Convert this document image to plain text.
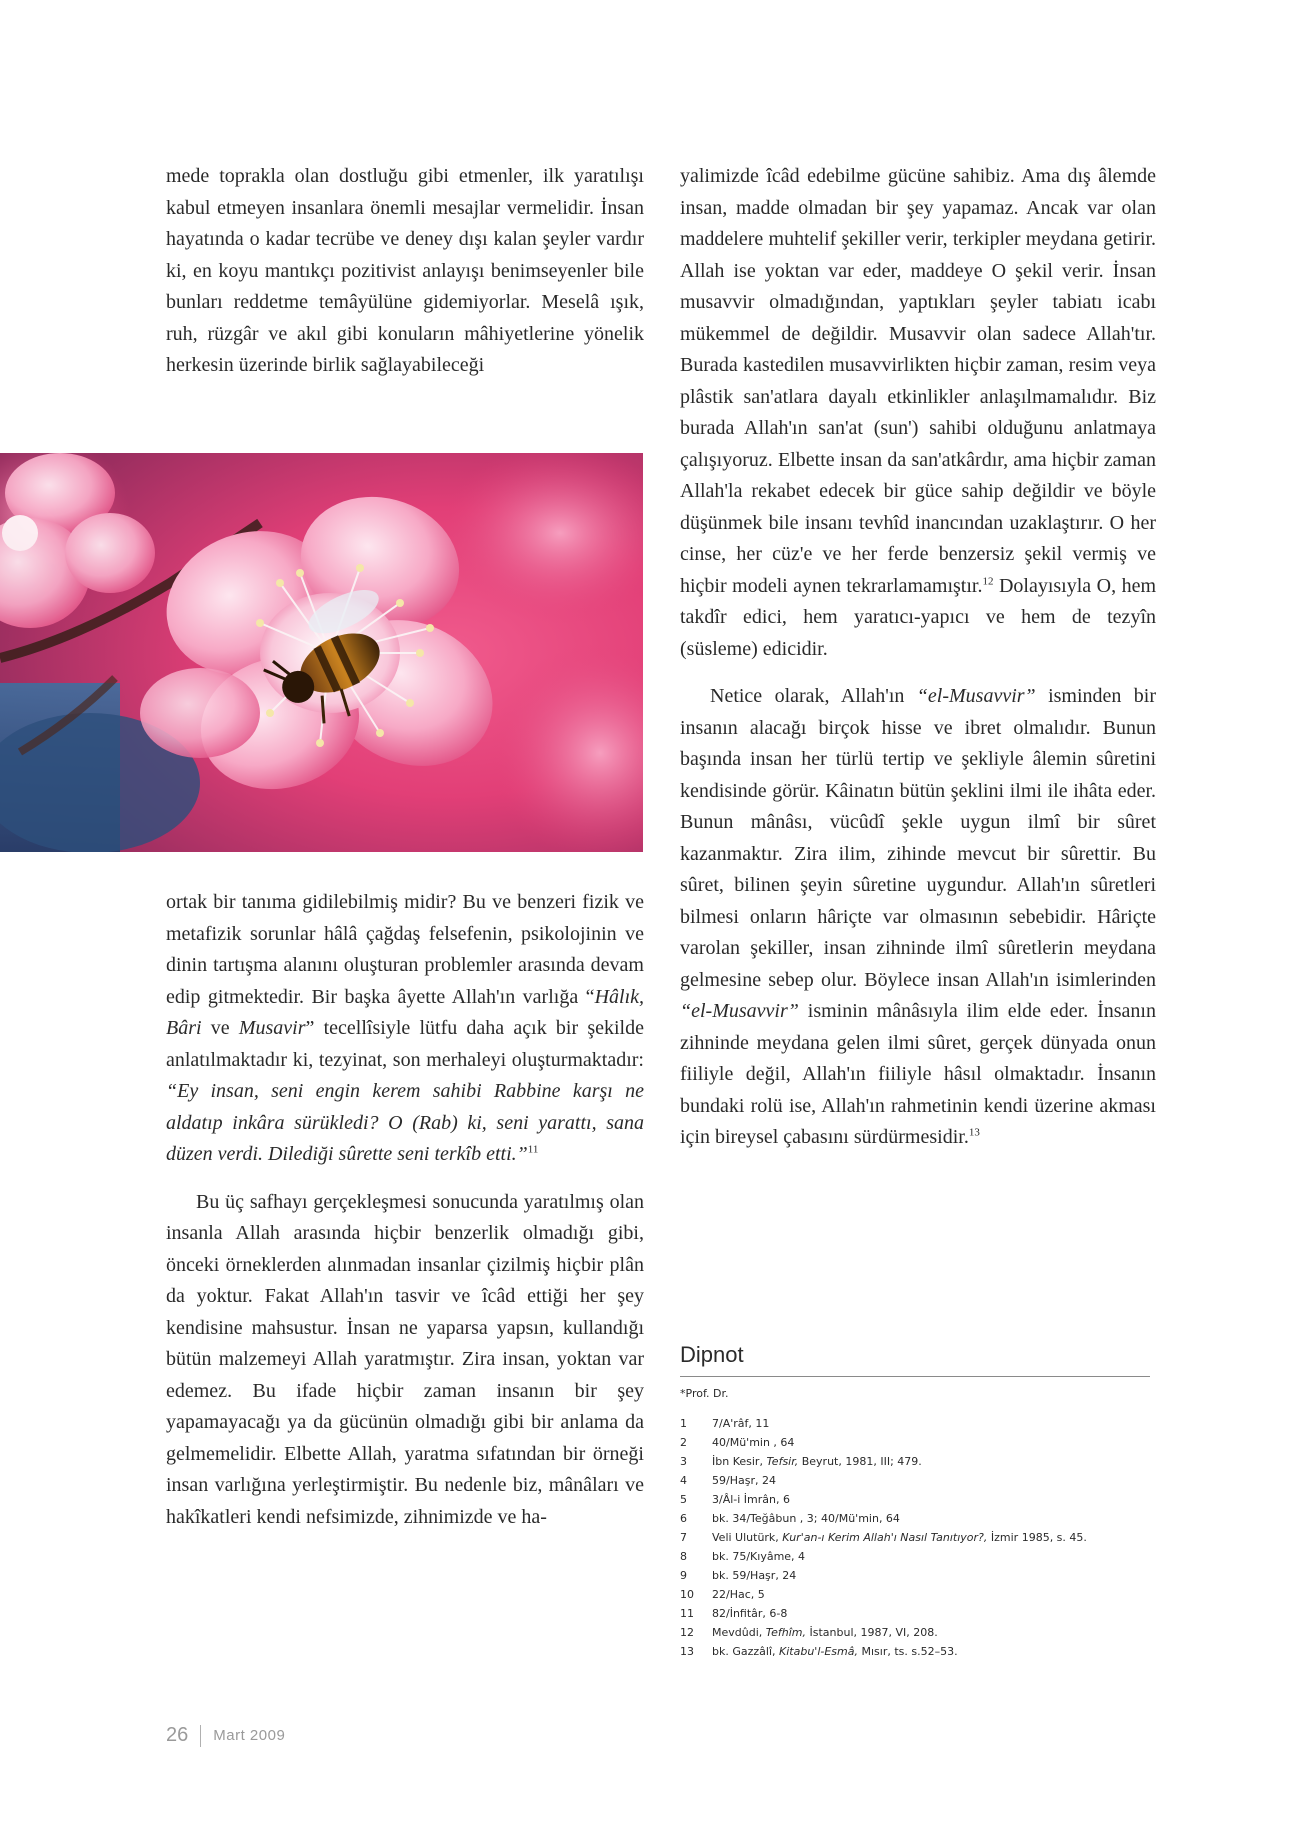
mede toprakla olan dostluğu gibi etmenler, ilk yaratılışı kabul etmeyen insanlara önemli mesajlar vermelidir. İnsan hayatında o kadar tecrübe ve deney dışı kalan şeyler vardır ki, en koyu mantıkçı pozitivist anlayışı benimseyenler bile bunları reddetme temâyülüne gidemiyorlar. Meselâ ışık, ruh, rüzgâr ve akıl gibi konuların mâhiyetlerine yönelik herkesin üzerinde birlik sağlayabileceği

ortak bir tanıma gidilebilmiş midir? Bu ve benzeri fizik ve metafizik sorunlar hâlâ çağdaş felsefenin, psikolojinin ve dinin tartışma alanını oluşturan problemler arasında devam edip gitmektedir. Bir başka âyette Allah'ın varlığa “Hâlık, Bâri ve Musavir” tecellîsiyle lütfu daha açık bir şekilde anlatılmaktadır ki, tezyinat, son merhaleyi oluşturmaktadır: “Ey insan, seni engin kerem sahibi Rabbine karşı ne aldatıp inkâra sürükledi? O (Rab) ki, seni yarattı, sana düzen verdi. Dilediği sûrette seni terkîb etti.”$^{11}$

Bu üç safhayı gerçekleşmesi sonucunda yaratılmış olan insanla Allah arasında hiçbir benzerlik olmadığı gibi, önceki örneklerden alınmadan insanlar çizilmiş hiçbir plân da yoktur. Fakat Allah'ın tasvir ve îcâd ettiği her şey kendisine mahsustur. İnsan ne yaparsa yapsın, kullandığı bütün malzemeyi Allah yaratmıştır. Zira insan, yoktan var edemez. Bu ifade hiçbir zaman insanın bir şey yapamayacağı ya da gücünün olmadığı gibi bir anlama da gelmemelidir. Elbette Allah, yaratma sıfatından bir örneği insan varlığına yerleştirmiştir. Bu nedenle biz, mânâları ve hakîkatleri kendi nefsimizde, zihnimizde ve ha-

yalimizde îcâd edebilme gücüne sahibiz. Ama dış âlemde insan, madde olmadan bir şey yapamaz. Ancak var olan maddelere muhtelif şekiller verir, terkipler meydana getirir. Allah ise yoktan var eder, maddeye O şekil verir. İnsan musavvir olmadığından, yaptıkları şeyler tabiatı icabı mükemmel de değildir. Musavvir olan sadece Allah'tır. Burada kastedilen musavvirlikten hiçbir zaman, resim veya plâstik san'atlara dayalı etkinlikler anlaşılmamalıdır. Biz burada Allah'ın san'at (sun') sahibi olduğunu anlatmaya çalışıyoruz. Elbette insan da san'atkârdır, ama hiçbir zaman Allah'la rekabet edecek bir güce sahip değildir ve böyle düşünmek bile insanı tevhîd inancından uzaklaştırır. O her cinse, her cüz'e ve her ferde benzersiz şekil vermiş ve hiçbir modeli aynen tekrarlamamıştır.$^{12}$ Dolayısıyla O, hem takdîr edici, hem yaratıcı-yapıcı ve hem de tezyîn (süsleme) edicidir.

Netice olarak, Allah'ın “el-Musavvir” isminden bir insanın alacağı birçok hisse ve ibret olmalıdır. Bunun başında insan her türlü tertip ve şekliyle âlemin sûretini kendisinde görür. Kâinatın bütün şeklini ilmi ile ihâta eder. Bunun mânâsı, vücûdî şekle uygun ilmî bir sûret kazanmaktır. Zira ilim, zihinde mevcut bir sûrettir. Bu sûret, bilinen şeyin sûretine uygundur. Allah'ın sûretleri bilmesi onların hâriçte var olmasının sebebidir. Hâriçte varolan şekiller, insan zihninde ilmî sûretlerin meydana gelmesine sebep olur. Böylece insan Allah'ın isimlerinden “el-Musavvir” isminin mânâsıyla ilim elde eder. İnsanın zihninde meydana gelen ilmi sûret, gerçek dünyada onun fiiliyle değil, Allah'ın fiiliyle hâsıl olmaktadır. İnsanın bundaki rolü ise, Allah'ın rahmetinin kendi üzerine akması için bireysel çabasını sürdürmesidir.$^{13}$

Dipnot
*Prof. Dr.
1	7/A'râf, 11
2	40/Mü'min , 64
3	İbn Kesir, Tefsir, Beyrut, 1981, III; 479.
4	59/Haşr, 24
5	3/Âl-i İmrân, 6
6	bk. 34/Teğâbun , 3; 40/Mü'min, 64
7	Veli Ulutürk, Kur'an-ı Kerim Allah'ı Nasıl Tanıtıyor?, İzmir 1985, s. 45.
8	bk. 75/Kıyâme, 4
9	bk. 59/Haşr, 24
10	22/Hac, 5
11	82/İnfitâr, 6-8
12	Mevdûdi, Tefhîm, İstanbul, 1987, VI, 208.
13	bk. Gazzâlî, Kitabu'l-Esmâ, Mısır, ts. s.52–53.
26 Mart 2009
